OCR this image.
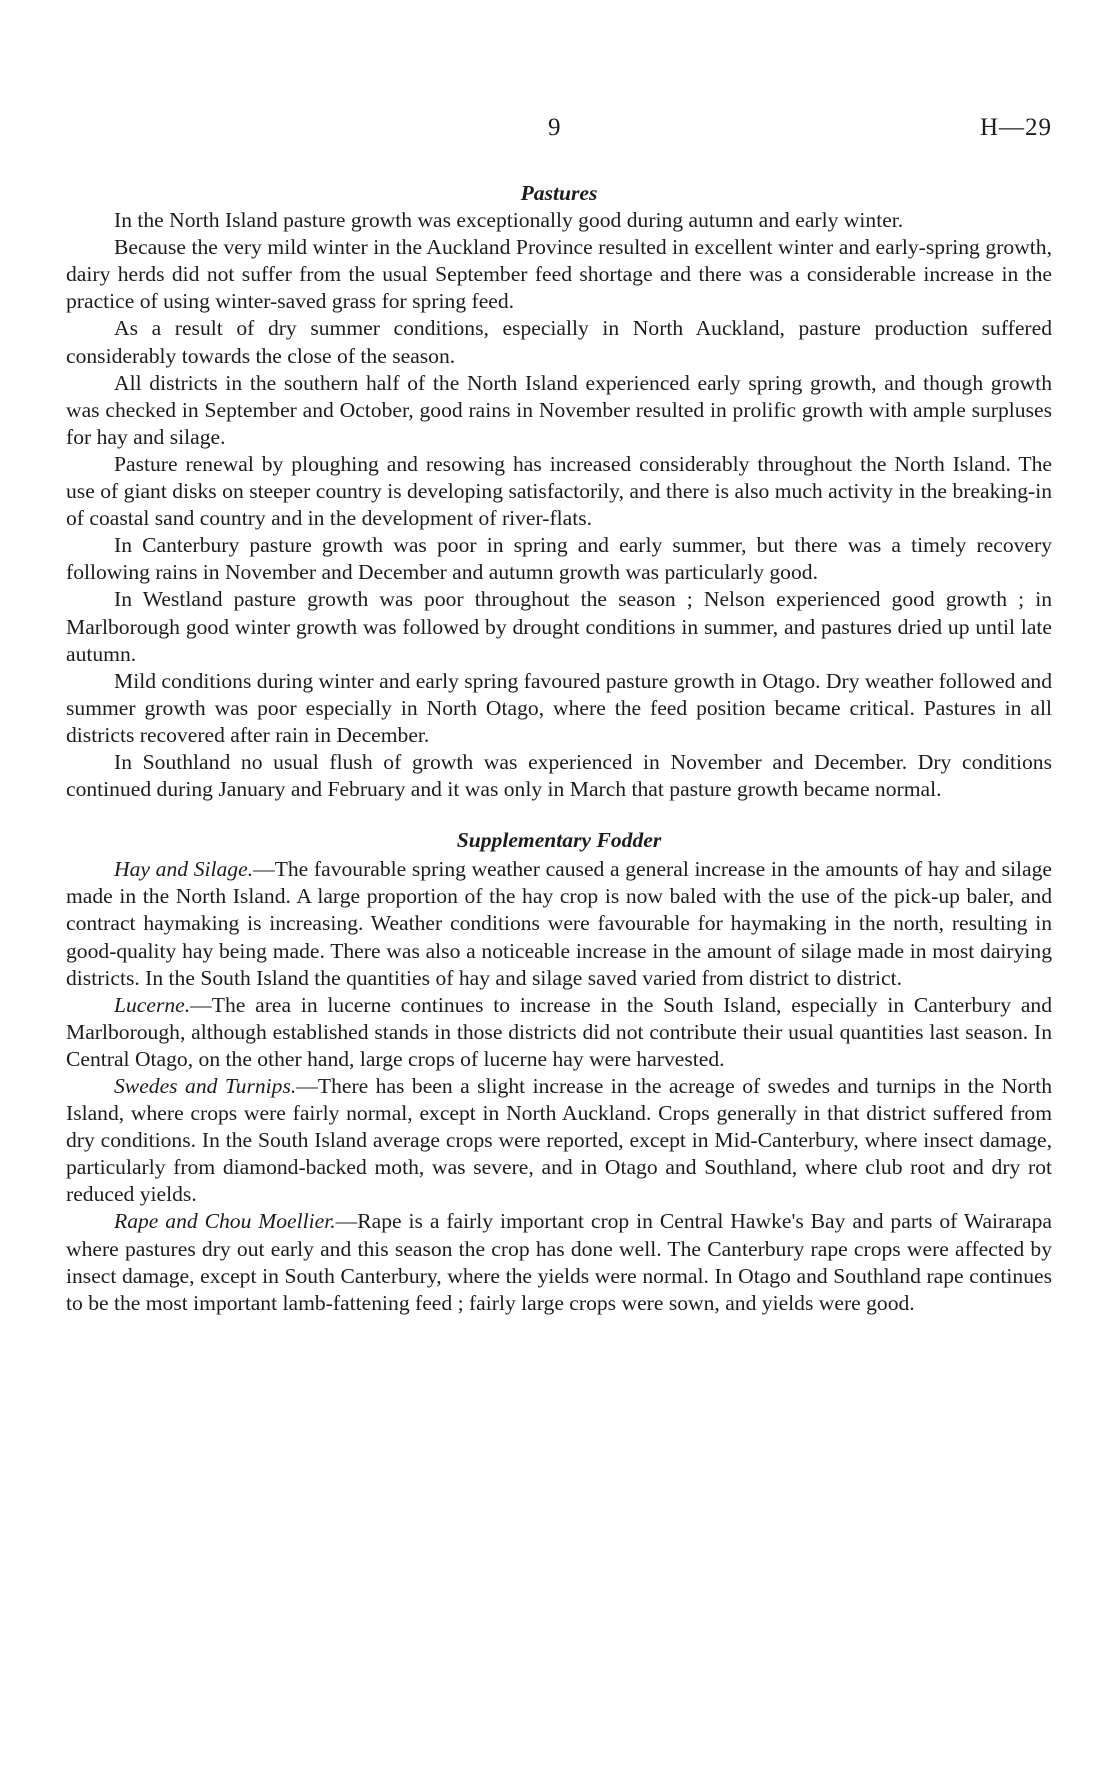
9	H—29
Pastures

In the North Island pasture growth was exceptionally good during autumn and early winter.

Because the very mild winter in the Auckland Province resulted in excellent winter and early-spring growth, dairy herds did not suffer from the usual September feed shortage and there was a considerable increase in the practice of using winter-saved grass for spring feed.

As a result of dry summer conditions, especially in North Auckland, pasture production suffered considerably towards the close of the season.

All districts in the southern half of the North Island experienced early spring growth, and though growth was checked in September and October, good rains in November resulted in prolific growth with ample surpluses for hay and silage.

Pasture renewal by ploughing and resowing has increased considerably throughout the North Island. The use of giant disks on steeper country is developing satisfactorily, and there is also much activity in the breaking-in of coastal sand country and in the development of river-flats.

In Canterbury pasture growth was poor in spring and early summer, but there was a timely recovery following rains in November and December and autumn growth was particularly good.

In Westland pasture growth was poor throughout the season ; Nelson experienced good growth ; in Marlborough good winter growth was followed by drought conditions in summer, and pastures dried up until late autumn.

Mild conditions during winter and early spring favoured pasture growth in Otago. Dry weather followed and summer growth was poor especially in North Otago, where the feed position became critical. Pastures in all districts recovered after rain in December.

In Southland no usual flush of growth was experienced in November and December. Dry conditions continued during January and February and it was only in March that pasture growth became normal.

Supplementary Fodder

Hay and Silage.—The favourable spring weather caused a general increase in the amounts of hay and silage made in the North Island. A large proportion of the hay crop is now baled with the use of the pick-up baler, and contract haymaking is increasing. Weather conditions were favourable for haymaking in the north, resulting in good-quality hay being made. There was also a noticeable increase in the amount of silage made in most dairying districts. In the South Island the quantities of hay and silage saved varied from district to district.

Lucerne.—The area in lucerne continues to increase in the South Island, especially in Canterbury and Marlborough, although established stands in those districts did not contribute their usual quantities last season. In Central Otago, on the other hand, large crops of lucerne hay were harvested.

Swedes and Turnips.—There has been a slight increase in the acreage of swedes and turnips in the North Island, where crops were fairly normal, except in North Auckland. Crops generally in that district suffered from dry conditions. In the South Island average crops were reported, except in Mid-Canterbury, where insect damage, particularly from diamond-backed moth, was severe, and in Otago and Southland, where club root and dry rot reduced yields.

Rape and Chou Moellier.—Rape is a fairly important crop in Central Hawke's Bay and parts of Wairarapa where pastures dry out early and this season the crop has done well. The Canterbury rape crops were affected by insect damage, except in South Canterbury, where the yields were normal. In Otago and Southland rape continues to be the most important lamb-fattening feed ; fairly large crops were sown, and yields were good.
